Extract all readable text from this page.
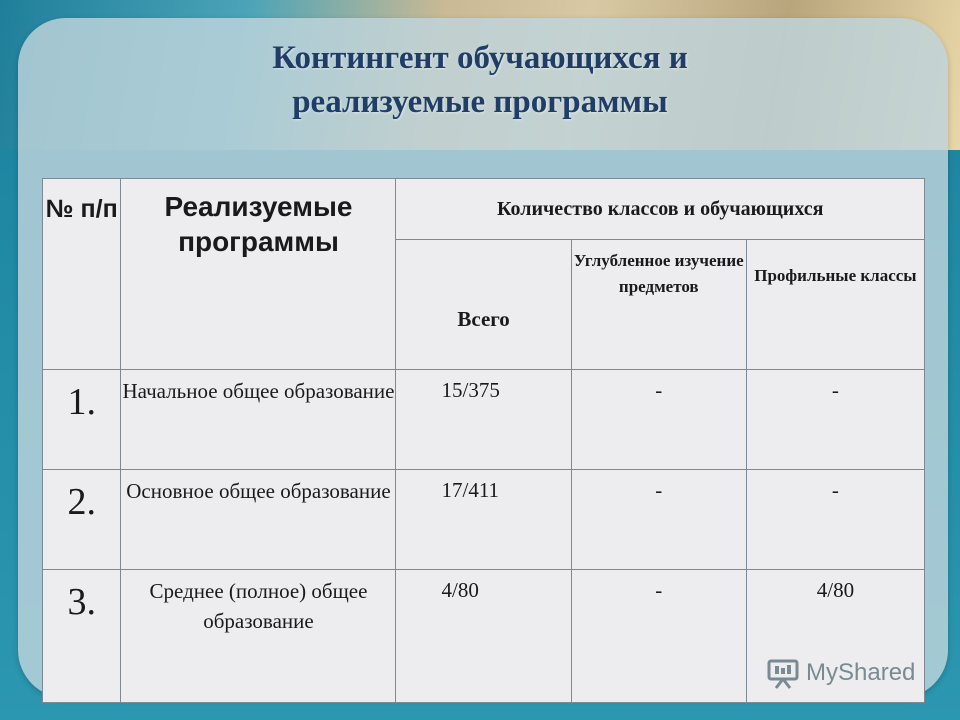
Контингент обучающихся и
реализуемые программы
№ п/п	Реализуемые программы	Количество классов и обучающихся		
		Всего	Углубленное изучение предметов	Профильные классы
1.	Начальное общее образование	15/375	-	-
2.	Основное общее образование	17/411	-	-
3.	Среднее (полное) общее образование	4/80	-	4/80
MyShared
